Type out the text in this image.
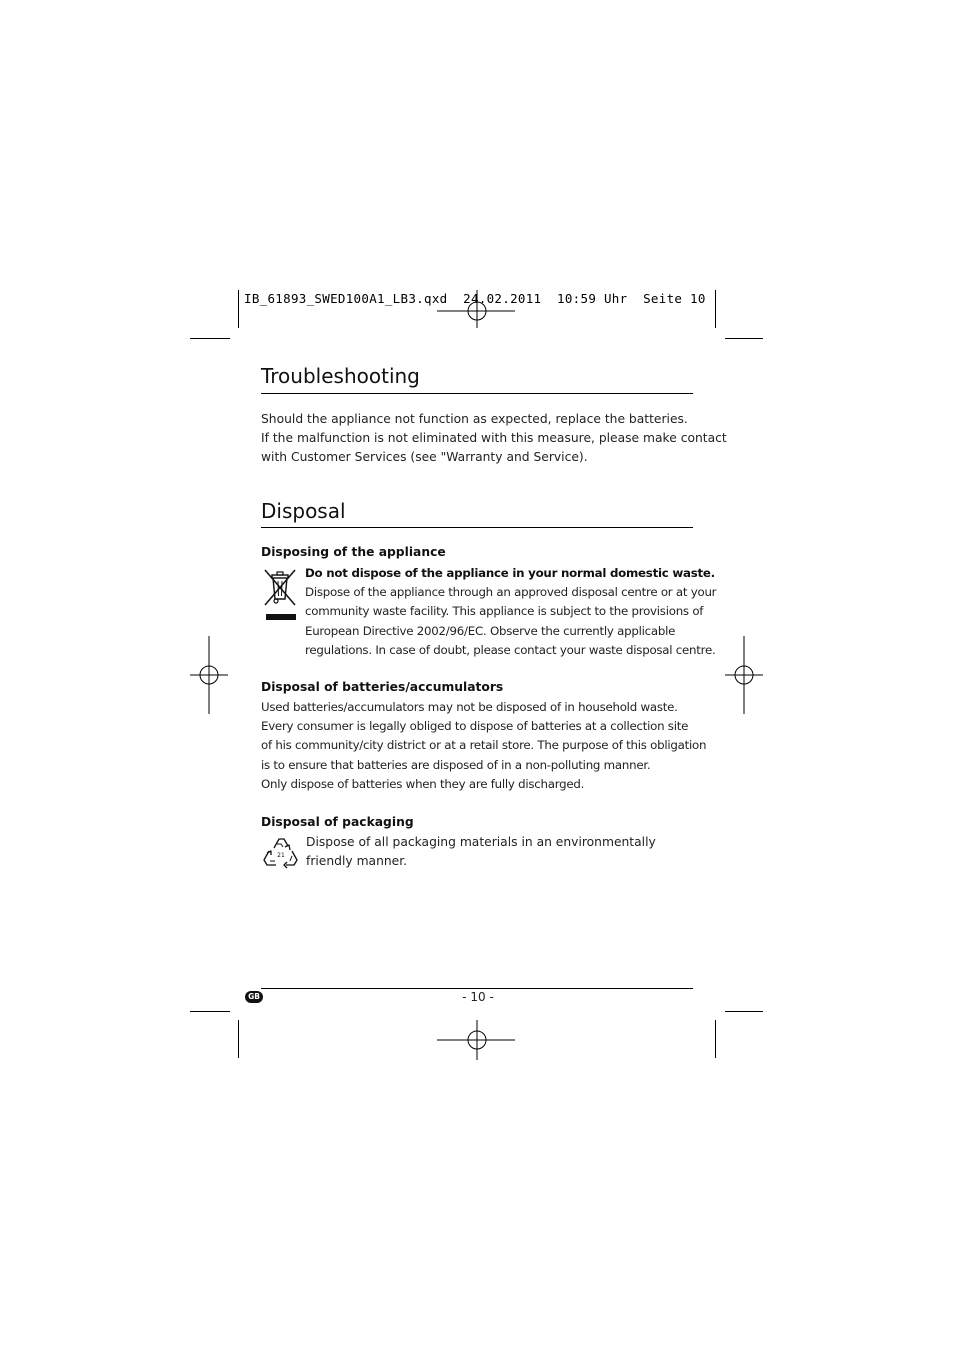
IB_61893_SWED100A1_LB3.qxd  24.02.2011  10:59 Uhr  Seite 10
Troubleshooting
Should the appliance not function as expected, replace the batteries.
If the malfunction is not eliminated with this measure, please make contact
with Customer Services (see "Warranty and Service).
Disposal
Disposing of the appliance
Do not dispose of the appliance in your normal domestic waste.
Dispose of the appliance through an approved disposal centre or at your
community waste facility. This appliance is subject to the provisions of
European Directive 2002/96/EC. Observe the currently applicable
regulations. In case of doubt, please contact your waste disposal centre.
Disposal of batteries/accumulators
Used batteries/accumulators may not be disposed of in household waste.
Every consumer is legally obliged to dispose of batteries at a collection site
of his community/city district or at a retail store. The purpose of this obligation
is to ensure that batteries are disposed of in a non-polluting manner.
Only dispose of batteries when they are fully discharged.
Disposal of packaging
21
Dispose of all packaging materials in an environmentally
friendly manner.
GB	- 10 -
